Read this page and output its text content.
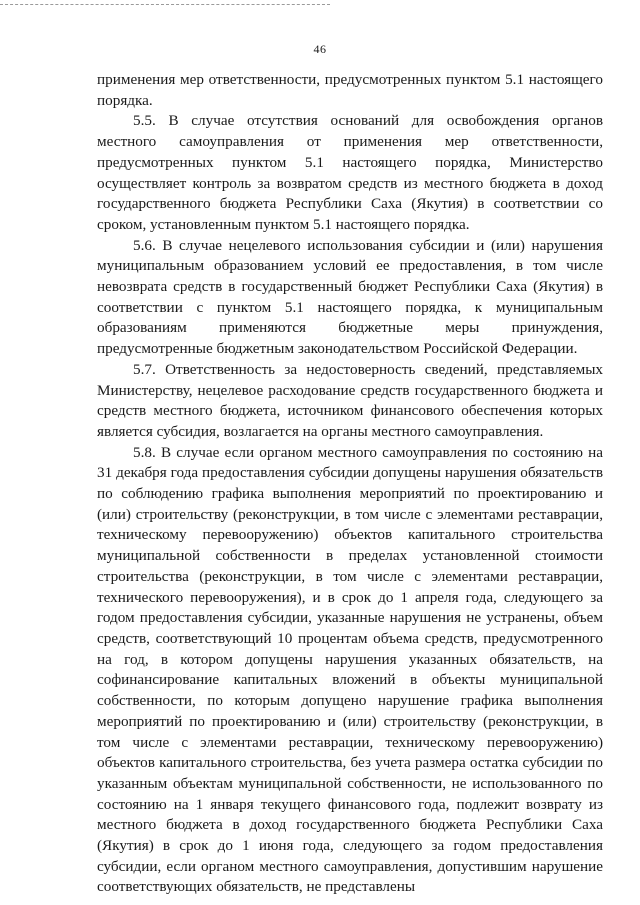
46

применения мер ответственности, предусмотренных пунктом 5.1 настоящего порядка.

5.5. В случае отсутствия оснований для освобождения органов местного самоуправления от применения мер ответственности, предусмотренных пунктом 5.1 настоящего порядка, Министерство осуществляет контроль за возвратом средств из местного бюджета в доход государственного бюджета Республики Саха (Якутия) в соответствии со сроком, установленным пунктом 5.1 настоящего порядка.

5.6. В случае нецелевого использования субсидии и (или) нарушения муниципальным образованием условий ее предоставления, в том числе невозврата средств в государственный бюджет Республики Саха (Якутия) в соответствии с пунктом 5.1 настоящего порядка, к муниципальным образованиям применяются бюджетные меры принуждения, предусмотренные бюджетным законодательством Российской Федерации.

5.7. Ответственность за недостоверность сведений, представляемых Министерству, нецелевое расходование средств государственного бюджета и средств местного бюджета, источником финансового обеспечения которых является субсидия, возлагается на органы местного самоуправления.

5.8. В случае если органом местного самоуправления по состоянию на 31 декабря года предоставления субсидии допущены нарушения обязательств по соблюдению графика выполнения мероприятий по проектированию и (или) строительству (реконструкции, в том числе с элементами реставрации, техническому перевооружению) объектов капитального строительства муниципальной собственности в пределах установленной стоимости строительства (реконструкции, в том числе с элементами реставрации, технического перевооружения), и в срок до 1 апреля года, следующего за годом предоставления субсидии, указанные нарушения не устранены, объем средств, соответствующий 10 процентам объема средств, предусмотренного на год, в котором допущены нарушения указанных обязательств, на софинансирование капитальных вложений в объекты муниципальной собственности, по которым допущено нарушение графика выполнения мероприятий по проектированию и (или) строительству (реконструкции, в том числе с элементами реставрации, техническому перевооружению) объектов капитального строительства, без учета размера остатка субсидии по указанным объектам муниципальной собственности, не использованного по состоянию на 1 января текущего финансового года, подлежит возврату из местного бюджета в доход государственного бюджета Республики Саха (Якутия) в срок до 1 июня года, следующего за годом предоставления субсидии, если органом местного самоуправления, допустившим нарушение соответствующих обязательств, не представлены
